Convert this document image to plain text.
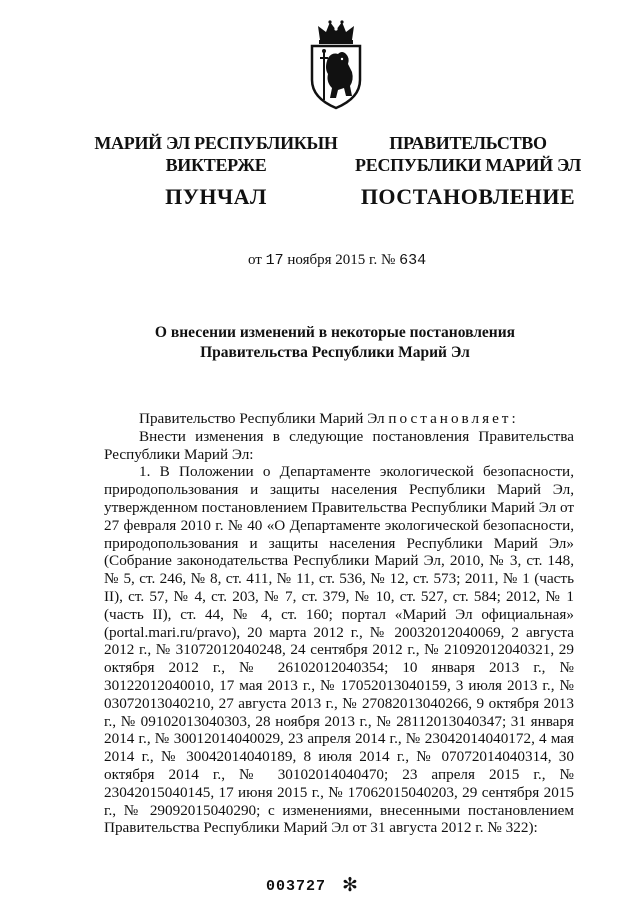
МАРИЙ ЭЛ РЕСПУБЛИКЫН
ВИКТЕРЖЕ
ПУНЧАЛ
ПРАВИТЕЛЬСТВО
РЕСПУБЛИКИ МАРИЙ ЭЛ
ПОСТАНОВЛЕНИЕ
от 17 ноября 2015 г. № 634
О внесении изменений в некоторые постановления
Правительства Республики Марий Эл

Правительство Республики Марий Эл постановляет:

Внести изменения в следующие постановления Правительства Республики Марий Эл:

1. В Положении о Департаменте экологической безопасности, природопользования и защиты населения Республики Марий Эл, утвержденном постановлением Правительства Республики Марий Эл от 27 февраля 2010 г. № 40 «О Департаменте экологической безопасности, природопользования и защиты населения Республики Марий Эл» (Собрание законодательства Республики Марий Эл, 2010, № 3, ст. 148, № 5, ст. 246, № 8, ст. 411, № 11, ст. 536, № 12, ст. 573; 2011, № 1 (часть II), ст. 57, № 4, ст. 203, № 7, ст. 379, № 10, ст. 527, ст. 584; 2012, № 1 (часть II), ст. 44, № 4, ст. 160; портал «Марий Эл официальная» (portal.mari.ru/pravo), 20 марта 2012 г., № 20032012040069, 2 августа 2012 г., № 31072012040248, 24 сентября 2012 г., № 21092012040321, 29 октября 2012 г., № 26102012040354; 10 января 2013 г., № 30122012040010, 17 мая 2013 г., № 17052013040159, 3 июля 2013 г., № 03072013040210, 27 августа 2013 г., № 27082013040266, 9 октября 2013 г., № 09102013040303, 28 ноября 2013 г., № 28112013040347; 31 января 2014 г., № 30012014040029, 23 апреля 2014 г., № 23042014040172, 4 мая 2014 г., № 30042014040189, 8 июля 2014 г., № 07072014040314, 30 октября 2014 г., № 30102014040470; 23 апреля 2015 г., № 23042015040145, 17 июня 2015 г., № 17062015040203, 29 сентября 2015 г., № 29092015040290; с изменениями, внесенными постановлением Правительства Республики Марий Эл от 31 августа 2012 г. № 322):

003727 ✻
